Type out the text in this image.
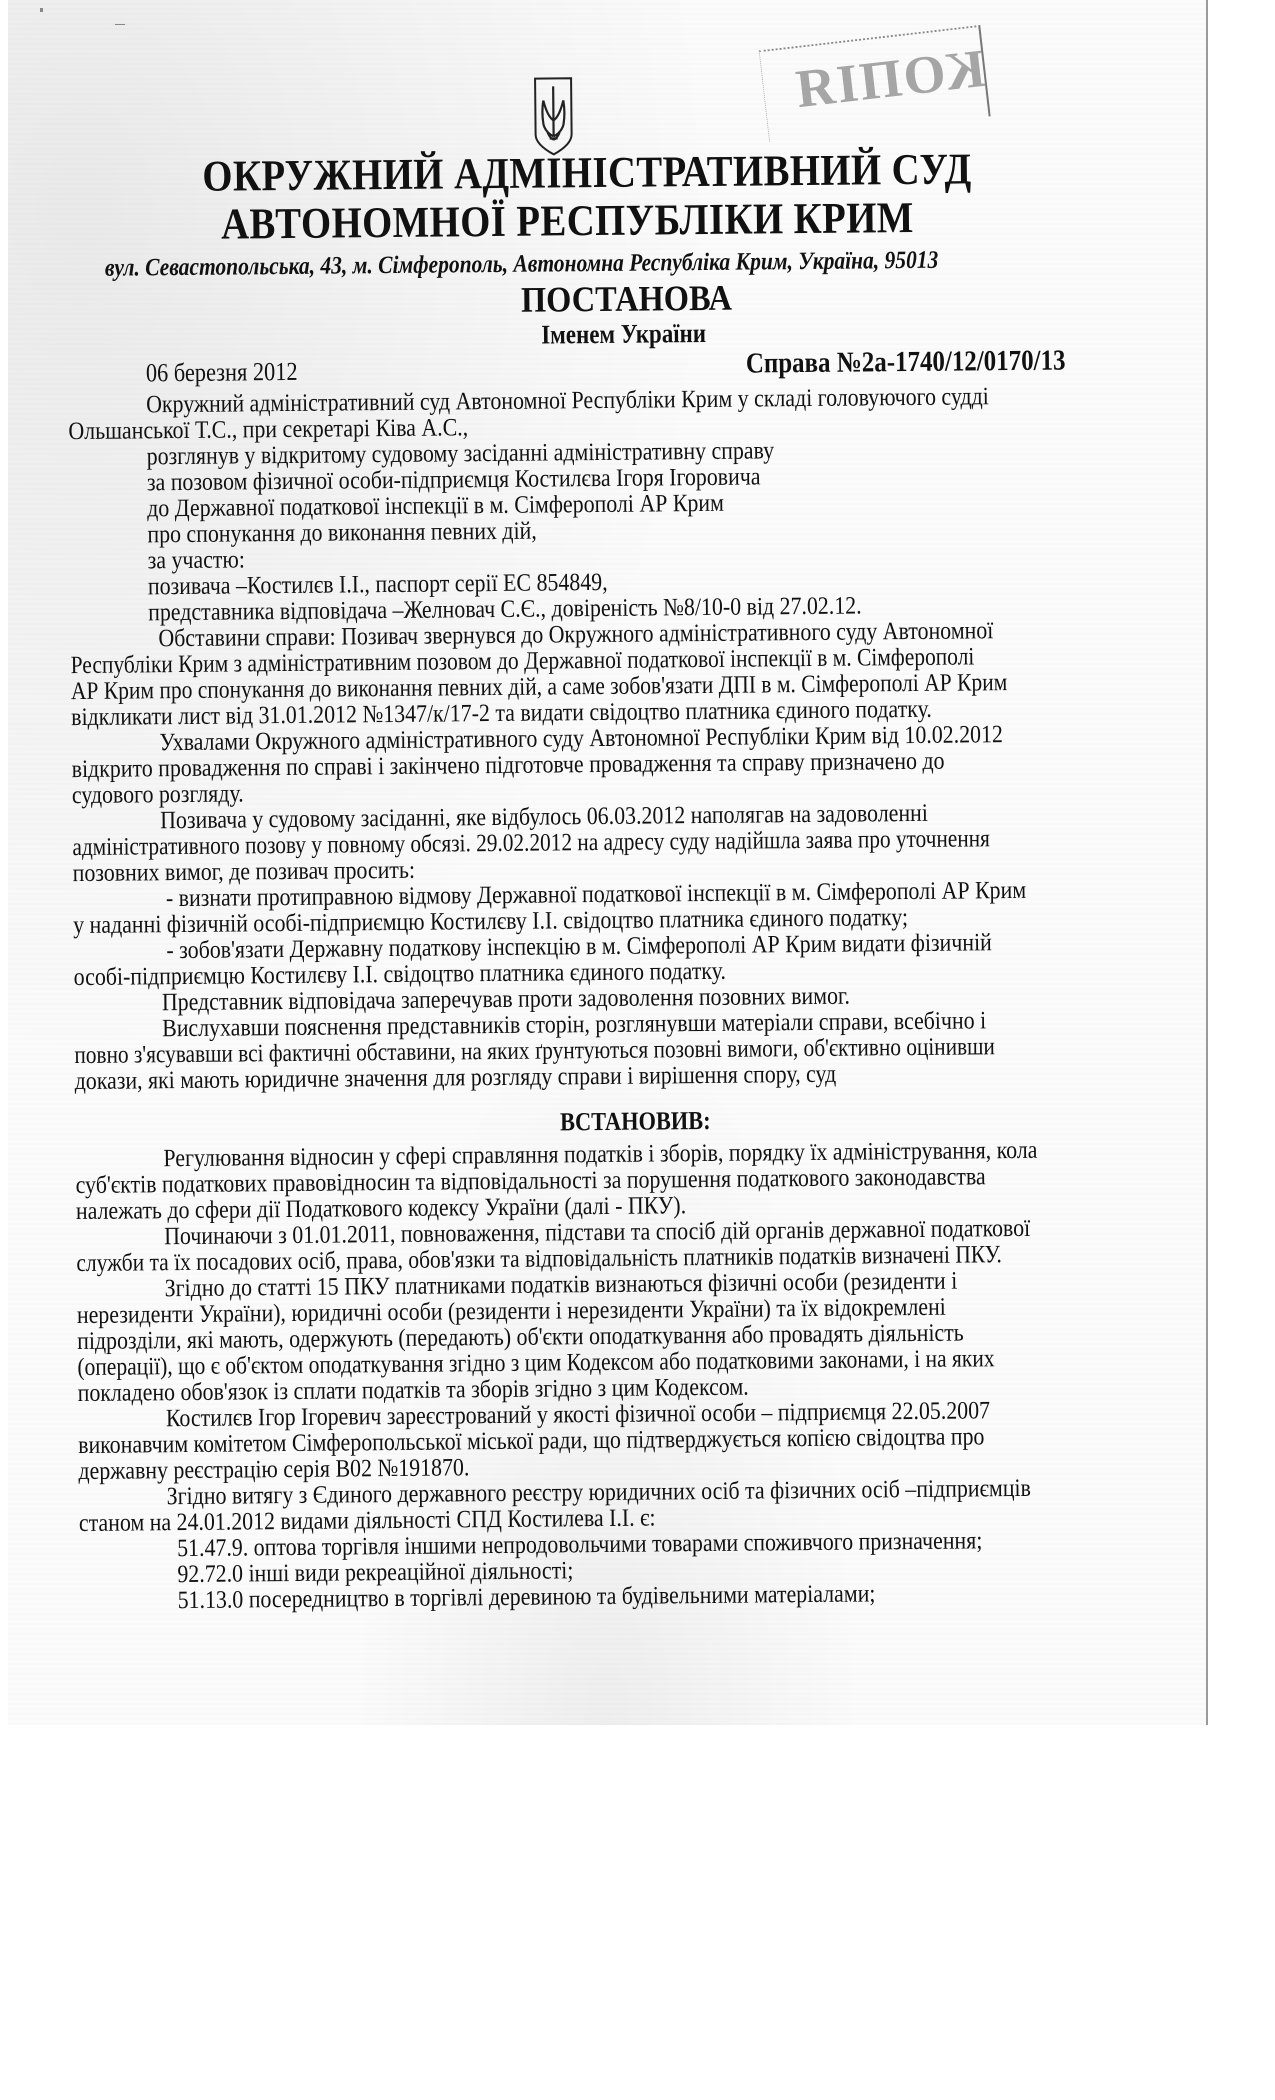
КОПІЯ
ОКРУЖНИЙ АДМІНІСТРАТИВНИЙ СУД
АВТОНОМНОЇ РЕСПУБЛІКИ КРИМ
вул. Севастопольська, 43, м. Сімферополь, Автономна Республіка Крим, Україна, 95013
ПОСТАНОВА
Іменем України
06 березня 2012	Справа №2а-1740/12/0170/13
Окружний адміністративний суд Автономної Республіки Крим у складі головуючого судді
Ольшанської Т.С., при секретарі Ківа А.С.,
розглянув у відкритому судовому засіданні адміністративну справу
за позовом фізичної особи-підприємця Костилєва Ігоря Ігоровича
до Державної податкової інспекції в м. Сімферополі АР Крим
про спонукання до виконання певних дій,
за участю:
позивача –Костилєв І.І., паспорт серії ЕС 854849,
представника відповідача –Желновач С.Є., довіреність №8/10-0 від 27.02.12.
Обставини справи: Позивач звернувся до Окружного адміністративного суду Автономної
Республіки Крим з адміністративним позовом до Державної податкової інспекції в м. Сімферополі
АР Крим про спонукання до виконання певних дій, а саме зобов'язати ДПІ в м. Сімферополі АР Крим
відкликати лист від 31.01.2012 №1347/к/17-2 та видати свідоцтво платника єдиного податку.
Ухвалами Окружного адміністративного суду Автономної Республіки Крим від 10.02.2012
відкрито провадження по справі і закінчено підготовче провадження та справу призначено до
судового розгляду.
Позивача у судовому засіданні, яке відбулось 06.03.2012 наполягав на задоволенні
адміністративного позову у повному обсязі. 29.02.2012 на адресу суду надійшла заява про уточнення
позовних вимог, де позивач просить:
- визнати протиправною відмову Державної податкової інспекції в м. Сімферополі АР Крим
у наданні фізичній особі-підприємцю Костилєву І.І. свідоцтво платника єдиного податку;
- зобов'язати Державну податкову інспекцію в м. Сімферополі АР Крим видати фізичній
особі-підприємцю Костилєву І.І. свідоцтво платника єдиного податку.
Представник відповідача заперечував проти задоволення позовних вимог.
Вислухавши пояснення представників сторін, розглянувши матеріали справи, всебічно і
повно з'ясувавши всі фактичні обставини, на яких ґрунтуються позовні вимоги, об'єктивно оцінивши
докази, які мають юридичне значення для розгляду справи і вирішення спору, суд
ВСТАНОВИВ:
Регулювання відносин у сфері справляння податків і зборів, порядку їх адміністрування, кола
суб'єктів податкових правовідносин та відповідальності за порушення податкового законодавства
належать до сфери дії Податкового кодексу України (далі - ПКУ).
Починаючи з 01.01.2011, повноваження, підстави та спосіб дій органів державної податкової
служби та їх посадових осіб, права, обов'язки та відповідальність платників податків визначені ПКУ.
Згідно до статті 15 ПКУ платниками податків визнаються фізичні особи (резиденти і
нерезиденти України), юридичні особи (резиденти і нерезиденти України) та їх відокремлені
підрозділи, які мають, одержують (передають) об'єкти оподаткування або провадять діяльність
(операції), що є об'єктом оподаткування згідно з цим Кодексом або податковими законами, і на яких
покладено обов'язок із сплати податків та зборів згідно з цим Кодексом.
Костилєв Ігор Ігоревич зареєстрований у якості фізичної особи – підприємця 22.05.2007
виконавчим комітетом Сімферопольської міської ради, що підтверджується копією свідоцтва про
державну реєстрацію серія В02 №191870.
Згідно витягу з Єдиного державного реєстру юридичних осіб та фізичних осіб –підприємців
станом на 24.01.2012 видами діяльності СПД Костилева І.І. є:
51.47.9. оптова торгівля іншими непродовольчими товарами споживчого призначення;
92.72.0 інші види рекреаційної діяльності;
51.13.0 посередництво в торгівлі деревиною та будівельними матеріалами;
